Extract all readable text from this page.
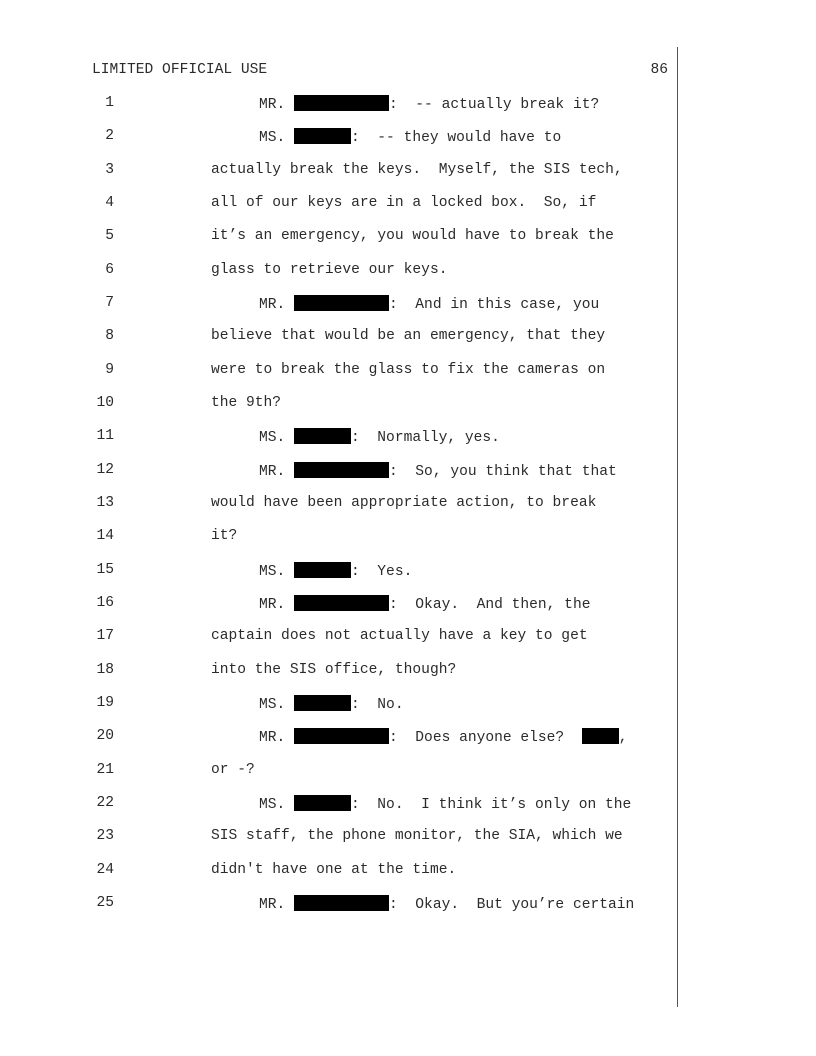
LIMITED OFFICIAL USE	86
1	MR.	:  -- actually break it?
2	MS.	:  -- they would have to
3	actually break the keys.  Myself, the SIS tech,
4	all of our keys are in a locked box.  So, if
5	it’s an emergency, you would have to break the
6	glass to retrieve our keys.
7	MR.	:  And in this case, you
8	believe that would be an emergency, that they
9	were to break the glass to fix the cameras on
10	the 9th?
11	MS.	:  Normally, yes.
12	MR.	:  So, you think that that
13	would have been appropriate action, to break
14	it?
15	MS.	:  Yes.
16	MR.	:  Okay.  And then, the
17	captain does not actually have a key to get
18	into the SIS office, though?
19	MS.	:  No.
20	MR.	:  Does anyone else?	,
21	or -?
22	MS.	:  No.  I think it’s only on the
23	SIS staff, the phone monitor, the SIA, which we
24	didn't have one at the time.
25	MR.	:  Okay.  But you’re certain
